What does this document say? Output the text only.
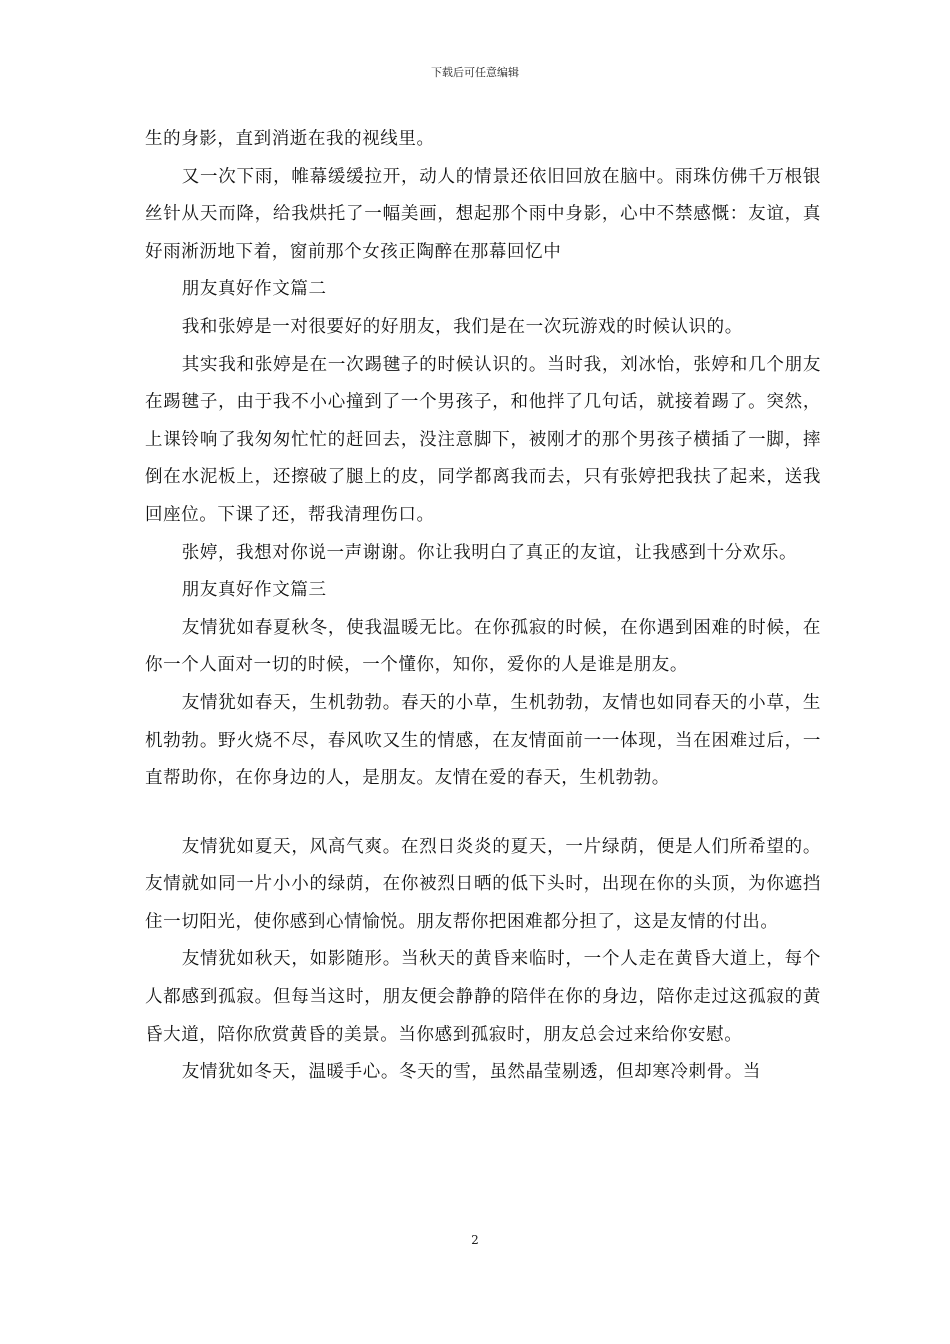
下载后可任意编辑

生的身影，直到消逝在我的视线里。

又一次下雨，帷幕缓缓拉开，动人的情景还依旧回放在脑中。雨珠仿佛千万根银丝针从天而降，给我烘托了一幅美画，想起那个雨中身影，心中不禁感慨：友谊，真好雨淅沥地下着，窗前那个女孩正陶醉在那幕回忆中

朋友真好作文篇二

我和张婷是一对很要好的好朋友，我们是在一次玩游戏的时候认识的。

其实我和张婷是在一次踢毽子的时候认识的。当时我，刘冰怡，张婷和几个朋友在踢毽子，由于我不小心撞到了一个男孩子，和他拌了几句话，就接着踢了。突然，上课铃响了我匆匆忙忙的赶回去，没注意脚下，被刚才的那个男孩子横插了一脚，摔倒在水泥板上，还擦破了腿上的皮，同学都离我而去，只有张婷把我扶了起来，送我回座位。下课了还，帮我清理伤口。

张婷，我想对你说一声谢谢。你让我明白了真正的友谊，让我感到十分欢乐。

朋友真好作文篇三

友情犹如春夏秋冬，使我温暖无比。在你孤寂的时候，在你遇到困难的时候，在你一个人面对一切的时候，一个懂你，知你，爱你的人是谁是朋友。

友情犹如春天，生机勃勃。春天的小草，生机勃勃，友情也如同春天的小草，生机勃勃。野火烧不尽，春风吹又生的情感，在友情面前一一体现，当在困难过后，一直帮助你，在你身边的人，是朋友。友情在爱的春天，生机勃勃。

友情犹如夏天，风高气爽。在烈日炎炎的夏天，一片绿荫，便是人们所希望的。友情就如同一片小小的绿荫，在你被烈日晒的低下头时，出现在你的头顶，为你遮挡住一切阳光，使你感到心情愉悦。朋友帮你把困难都分担了，这是友情的付出。

友情犹如秋天，如影随形。当秋天的黄昏来临时，一个人走在黄昏大道上，每个人都感到孤寂。但每当这时，朋友便会静静的陪伴在你的身边，陪你走过这孤寂的黄昏大道，陪你欣赏黄昏的美景。当你感到孤寂时，朋友总会过来给你安慰。

友情犹如冬天，温暖手心。冬天的雪，虽然晶莹剔透，但却寒冷刺骨。当

2
